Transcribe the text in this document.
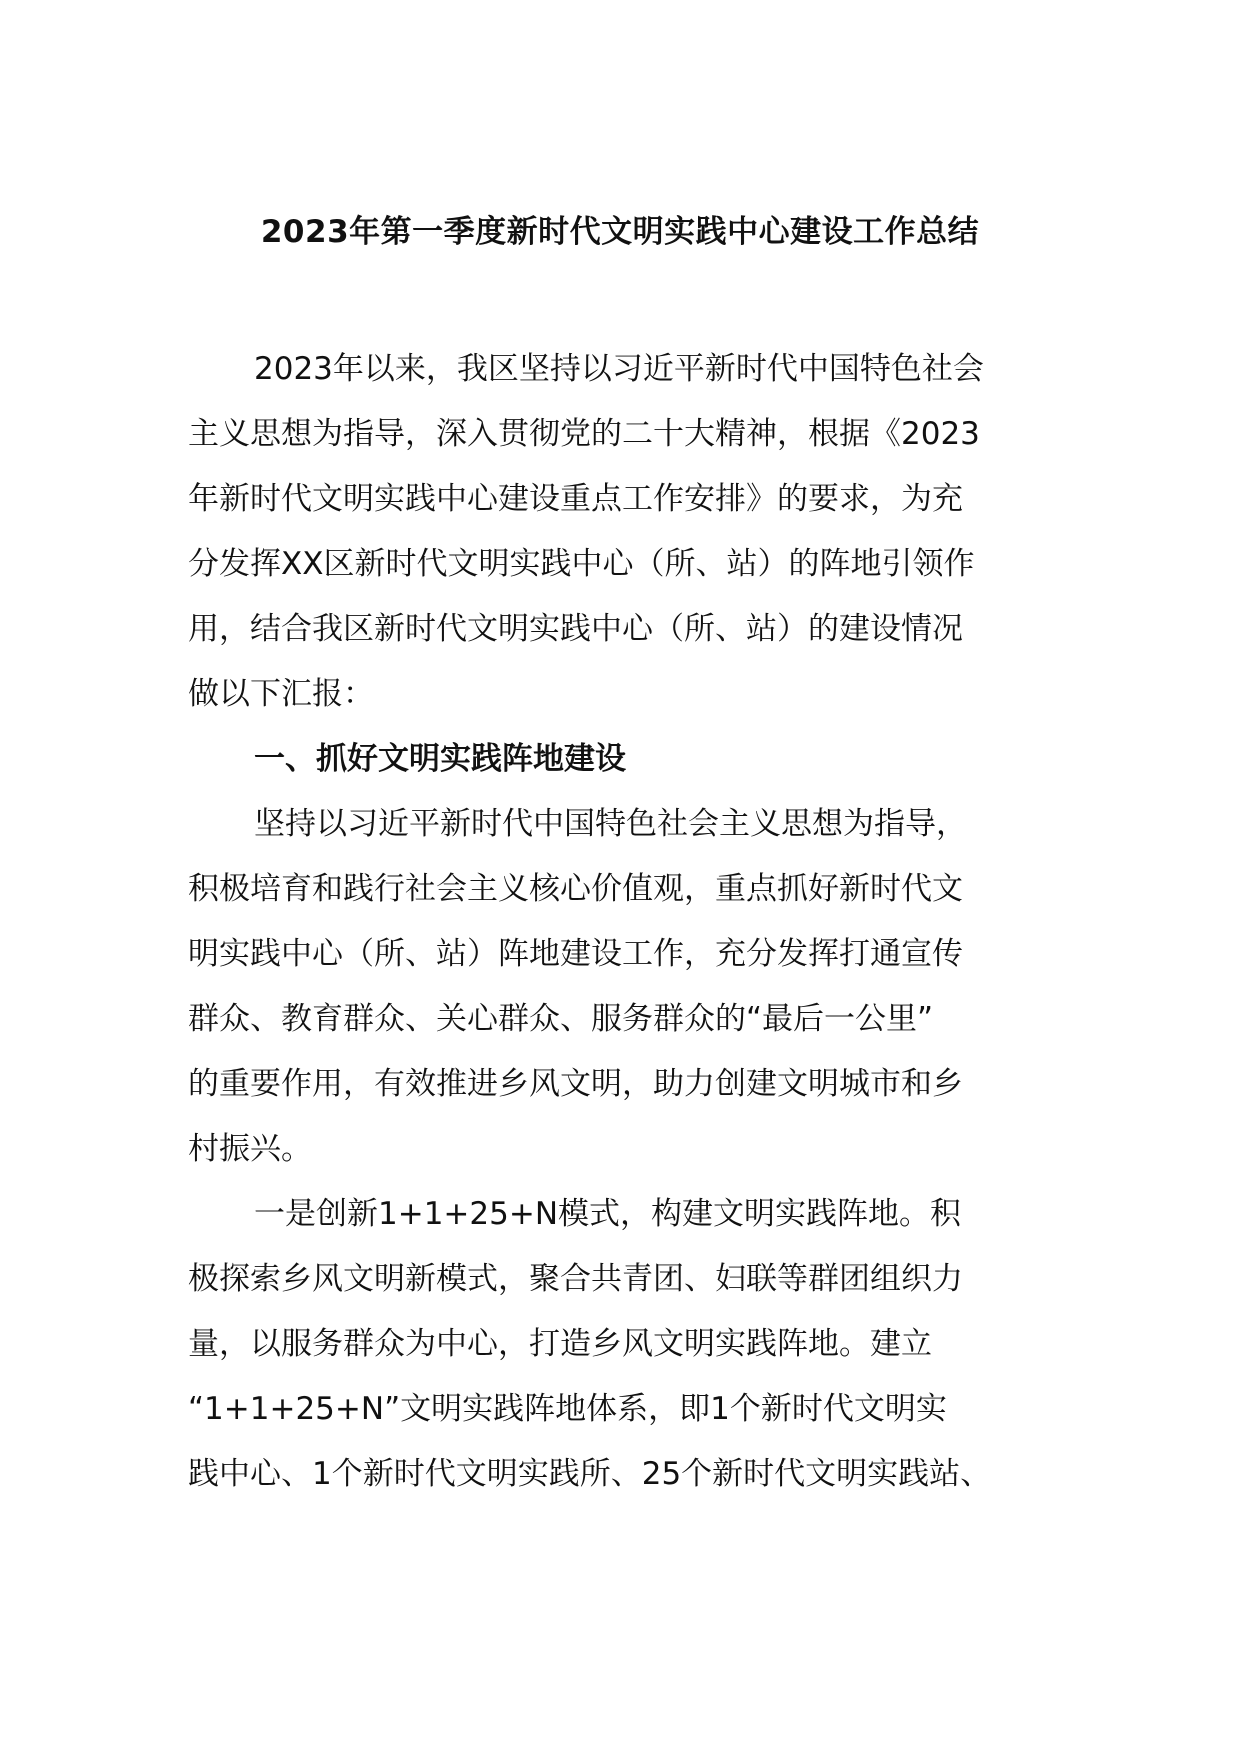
2023年第一季度新时代文明实践中心建设工作总结
2023年以来，我区坚持以习近平新时代中国特色社会
主义思想为指导，深入贯彻党的二十大精神，根据《2023
年新时代文明实践中心建设重点工作安排》的要求，为充
分发挥XX区新时代文明实践中心（所、站）的阵地引领作
用，结合我区新时代文明实践中心（所、站）的建设情况
做以下汇报：
一、抓好文明实践阵地建设
坚持以习近平新时代中国特色社会主义思想为指导，
积极培育和践行社会主义核心价值观，重点抓好新时代文
明实践中心（所、站）阵地建设工作，充分发挥打通宣传
群众、教育群众、关心群众、服务群众的“最后一公里”
的重要作用，有效推进乡风文明，助力创建文明城市和乡
村振兴。
一是创新1+1+25+N模式，构建文明实践阵地。积
极探索乡风文明新模式，聚合共青团、妇联等群团组织力
量，以服务群众为中心，打造乡风文明实践阵地。建立
“1+1+25+N”文明实践阵地体系，即1个新时代文明实
践中心、1个新时代文明实践所、25个新时代文明实践站、
